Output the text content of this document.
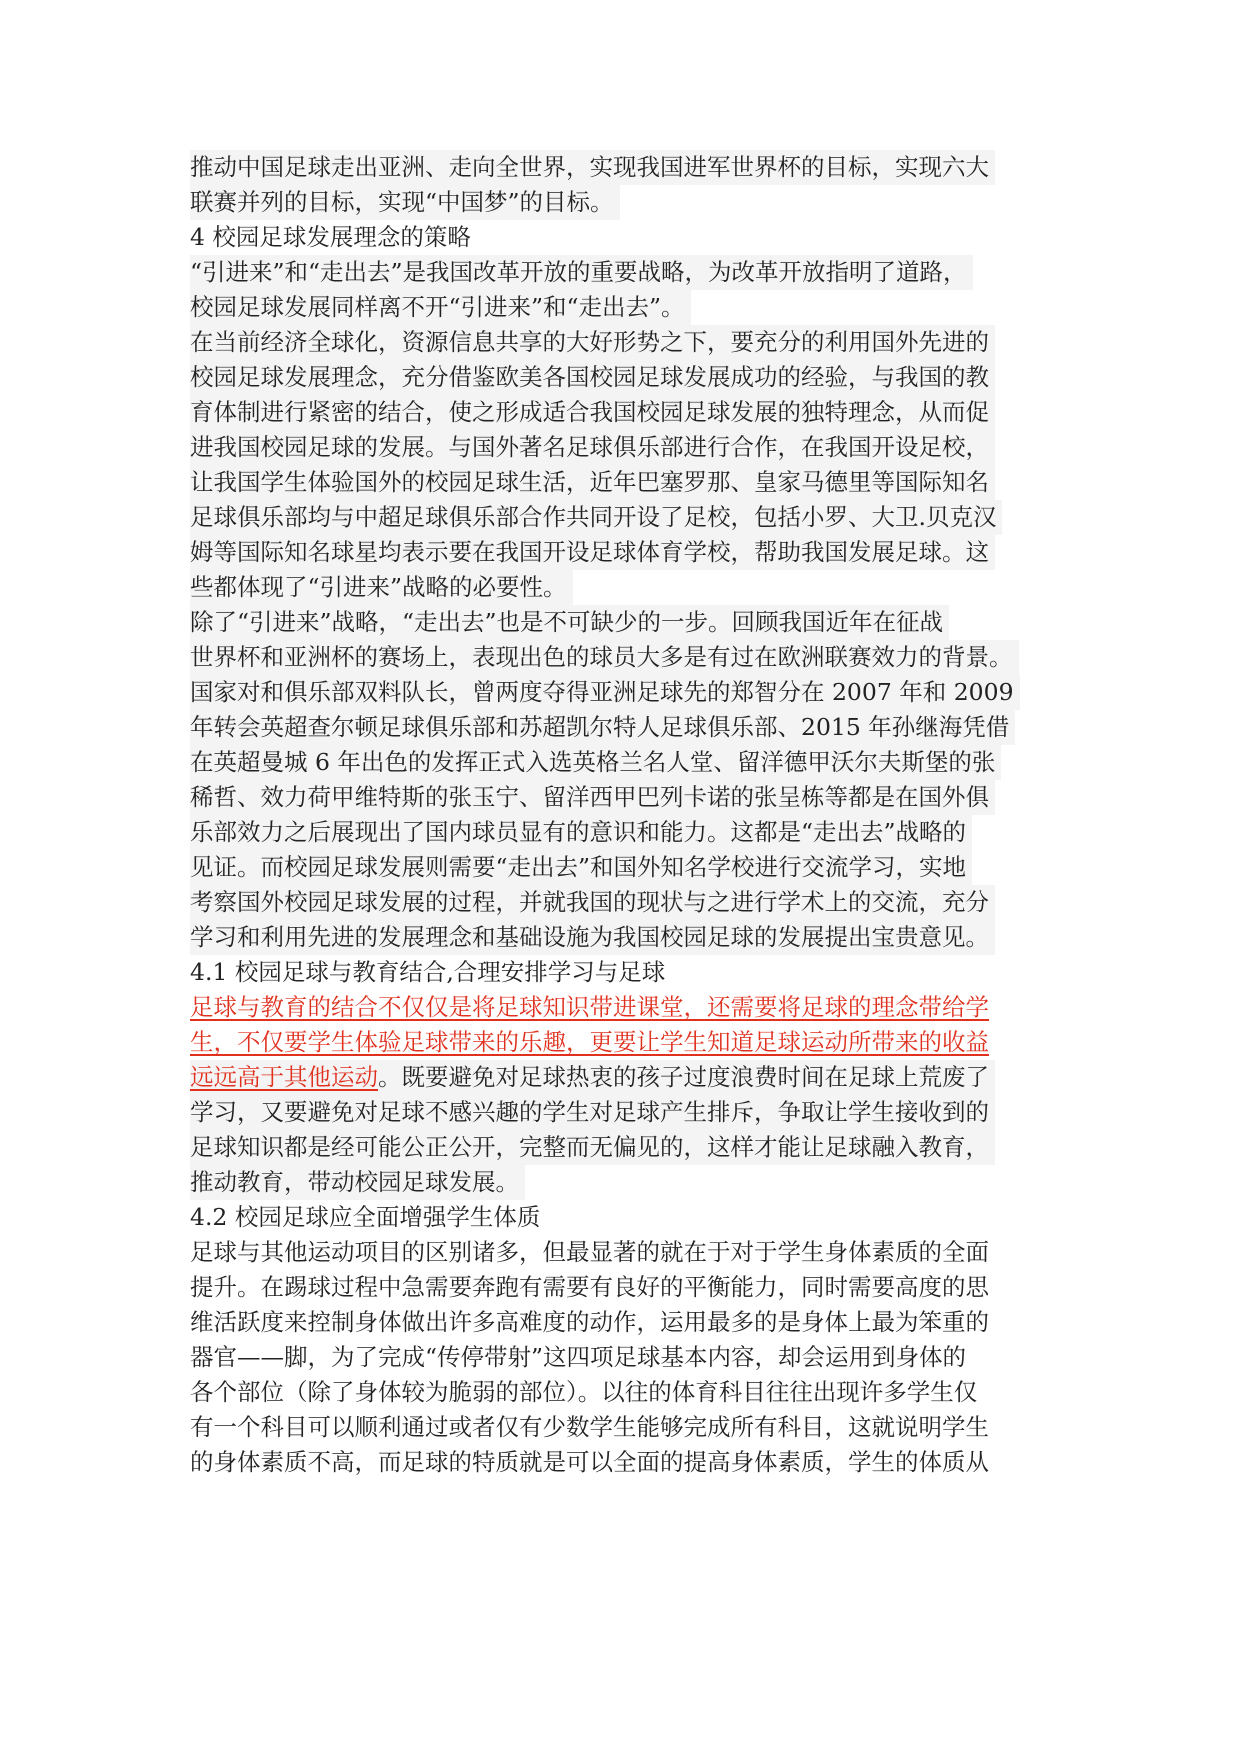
推动中国足球走出亚洲、走向全世界，实现我国进军世界杯的目标，实现六大
联赛并列的目标，实现“中国梦”的目标。
4 校园足球发展理念的策略
“引进来”和“走出去”是我国改革开放的重要战略，为改革开放指明了道路，
校园足球发展同样离不开“引进来”和“走出去”。
在当前经济全球化，资源信息共享的大好形势之下，要充分的利用国外先进的
校园足球发展理念，充分借鉴欧美各国校园足球发展成功的经验，与我国的教
育体制进行紧密的结合，使之形成适合我国校园足球发展的独特理念，从而促
进我国校园足球的发展。与国外著名足球俱乐部进行合作，在我国开设足校，
让我国学生体验国外的校园足球生活，近年巴塞罗那、皇家马德里等国际知名
足球俱乐部均与中超足球俱乐部合作共同开设了足校，包括小罗、大卫.贝克汉
姆等国际知名球星均表示要在我国开设足球体育学校，帮助我国发展足球。这
些都体现了“引进来”战略的必要性。
除了“引进来”战略，“走出去”也是不可缺少的一步。回顾我国近年在征战
世界杯和亚洲杯的赛场上，表现出色的球员大多是有过在欧洲联赛效力的背景。
国家对和俱乐部双料队长，曾两度夺得亚洲足球先的郑智分在 2007 年和 2009
年转会英超查尔顿足球俱乐部和苏超凯尔特人足球俱乐部、2015 年孙继海凭借
在英超曼城 6 年出色的发挥正式入选英格兰名人堂、留洋德甲沃尔夫斯堡的张
稀哲、效力荷甲维特斯的张玉宁、留洋西甲巴列卡诺的张呈栋等都是在国外俱
乐部效力之后展现出了国内球员显有的意识和能力。这都是“走出去”战略的
见证。而校园足球发展则需要“走出去”和国外知名学校进行交流学习，实地
考察国外校园足球发展的过程，并就我国的现状与之进行学术上的交流，充分
学习和利用先进的发展理念和基础设施为我国校园足球的发展提出宝贵意见。
4.1 校园足球与教育结合,合理安排学习与足球
足球与教育的结合不仅仅是将足球知识带进课堂，还需要将足球的理念带给学
生，不仅要学生体验足球带来的乐趣，更要让学生知道足球运动所带来的收益
远远高于其他运动。既要避免对足球热衷的孩子过度浪费时间在足球上荒废了
学习，又要避免对足球不感兴趣的学生对足球产生排斥，争取让学生接收到的
足球知识都是经可能公正公开，完整而无偏见的，这样才能让足球融入教育，
推动教育，带动校园足球发展。
4.2 校园足球应全面增强学生体质
足球与其他运动项目的区别诸多，但最显著的就在于对于学生身体素质的全面
提升。在踢球过程中急需要奔跑有需要有良好的平衡能力，同时需要高度的思
维活跃度来控制身体做出许多高难度的动作，运用最多的是身体上最为笨重的
器官——脚，为了完成“传停带射”这四项足球基本内容，却会运用到身体的
各个部位（除了身体较为脆弱的部位）。以往的体育科目往往出现许多学生仅
有一个科目可以顺利通过或者仅有少数学生能够完成所有科目，这就说明学生
的身体素质不高，而足球的特质就是可以全面的提高身体素质，学生的体质从
